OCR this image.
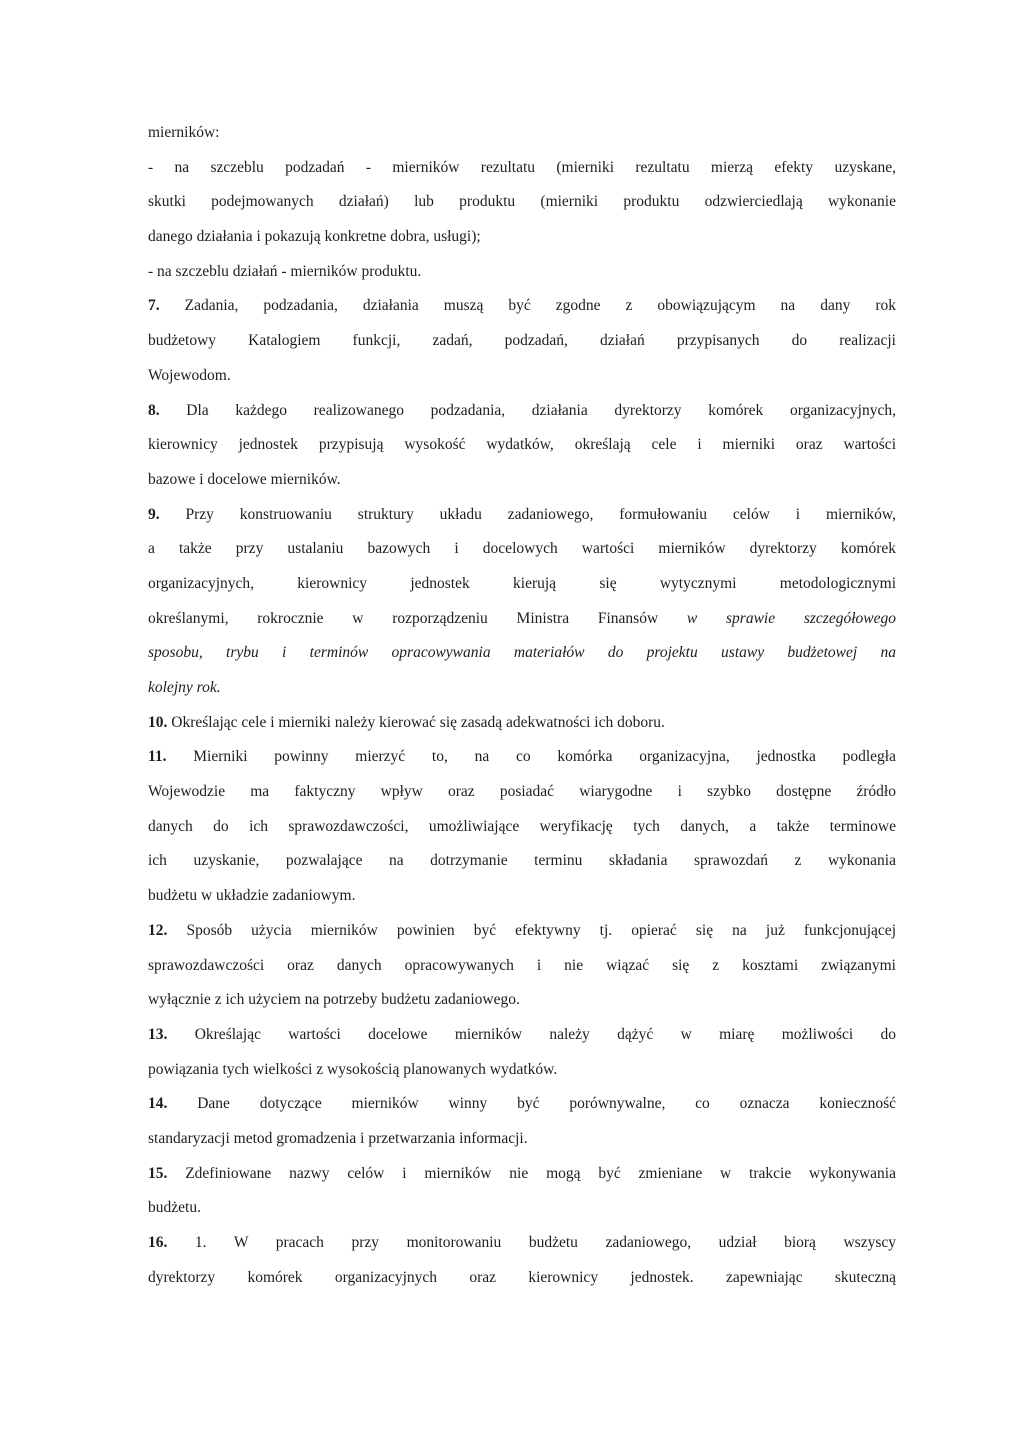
mierników:
- na szczeblu podzadań - mierników rezultatu (mierniki rezultatu mierzą efekty uzyskane,
skutki podejmowanych działań) lub produktu (mierniki produktu odzwierciedlają wykonanie
danego działania i pokazują konkretne dobra, usługi);
- na szczeblu działań - mierników produktu.
7. Zadania, podzadania, działania muszą być zgodne z obowiązującym na dany rok
budżetowy Katalogiem funkcji, zadań, podzadań, działań przypisanych do realizacji
Wojewodom.
8. Dla każdego realizowanego podzadania, działania dyrektorzy komórek organizacyjnych,
kierownicy jednostek przypisują wysokość wydatków, określają cele i mierniki oraz wartości
bazowe i docelowe mierników.
9. Przy konstruowaniu struktury układu zadaniowego, formułowaniu celów i mierników,
a także przy ustalaniu bazowych i docelowych wartości mierników dyrektorzy komórek
organizacyjnych, kierownicy jednostek kierują się wytycznymi metodologicznymi
określanymi, rokrocznie w rozporządzeniu Ministra Finansów w sprawie szczegółowego
sposobu, trybu i terminów opracowywania materiałów do projektu ustawy budżetowej na
kolejny rok.
10. Określając cele i mierniki należy kierować się zasadą adekwatności ich doboru.
11. Mierniki powinny mierzyć to, na co komórka organizacyjna, jednostka podległa
Wojewodzie ma faktyczny wpływ oraz posiadać wiarygodne i szybko dostępne źródło
danych do ich sprawozdawczości, umożliwiające weryfikację tych danych, a także terminowe
ich uzyskanie, pozwalające na dotrzymanie terminu składania sprawozdań z wykonania
budżetu w układzie zadaniowym.
12. Sposób użycia mierników powinien być efektywny tj. opierać się na już funkcjonującej
sprawozdawczości oraz danych opracowywanych i nie wiązać się z kosztami związanymi
wyłącznie z ich użyciem na potrzeby budżetu zadaniowego.
13. Określając wartości docelowe mierników należy dążyć w miarę możliwości do
powiązania tych wielkości z wysokością planowanych wydatków.
14. Dane dotyczące mierników winny być porównywalne, co oznacza konieczność
standaryzacji metod gromadzenia i przetwarzania informacji.
15. Zdefiniowane nazwy celów i mierników nie mogą być zmieniane w trakcie wykonywania
budżetu.
16. 1. W pracach przy monitorowaniu budżetu zadaniowego, udział biorą wszyscy
dyrektorzy komórek organizacyjnych oraz kierownicy jednostek. zapewniając skuteczną
